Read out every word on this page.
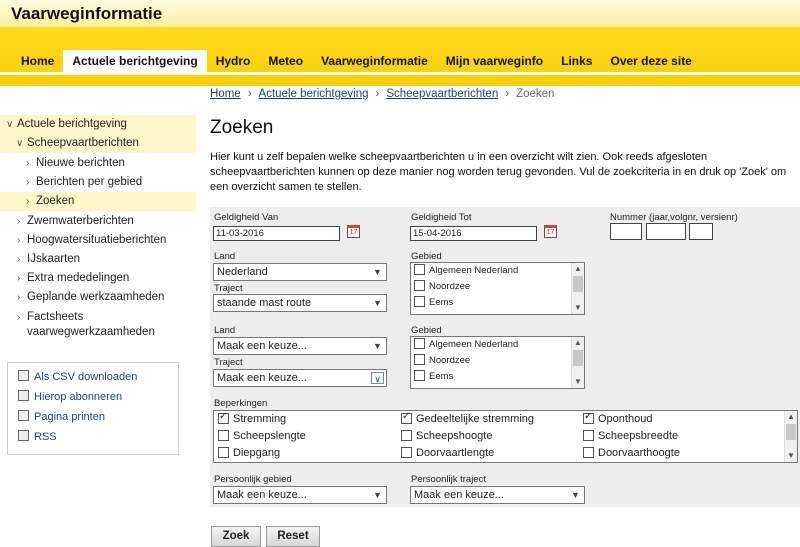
Vaarweginformatie
Home	Actuele berichtgeving	Hydro	Meteo	Vaarweginformatie	Mijn vaarweginfo	Links	Over deze site
∨ Actuele berichtgeving
∨ Scheepvaartberichten
› Nieuwe berichten
› Berichten per gebied
› Zoeken
› Zwemwaterberichten
› Hoogwatersituatieberichten
› IJskaarten
› Extra mededelingen
› Geplande werkzaamheden
› Factsheets vaarwegwerkzaamheden
Als CSV downloaden
Hierop abonneren
Pagina printen
RSS
Home › Actuele berichtgeving › Scheepvaartberichten › Zoeken
Zoeken
Hier kunt u zelf bepalen welke scheepvaartberichten u in een overzicht wilt zien. Ook reeds afgesloten scheepvaartberichten kunnen op deze manier nog worden terug gevonden. Vul de zoekcriteria in en druk op 'Zoek' om een overzicht samen te stellen.
Geldigheid Van
11-03-2016	17
Geldigheid Tot
15-04-2016	17
Nummer (jaar,volgnr, versienr)
Land
Nederland	▼
Traject
staande mast route	▼
Gebied
Algemeen Nederland
Noordzee
Eems
▲
▼
Land
Maak een keuze...	▼
Traject
Maak een keuze...	∨
Gebied
Algemeen Nederland
Noordzee
Eems
▲
▼
Beperkingen
✓Stremming ✓	Gedeeltelijke stremming ✓	Oponthoud
Scheepslengte	Scheepshoogte	Scheepsbreedte
Diepgang	Doorvaartlengte	Doorvaarthoogte
▲
▼
Persoonlijk gebied
Maak een keuze...	▼
Persoonlijk traject
Maak een keuze...	▼
Zoek	Reset
